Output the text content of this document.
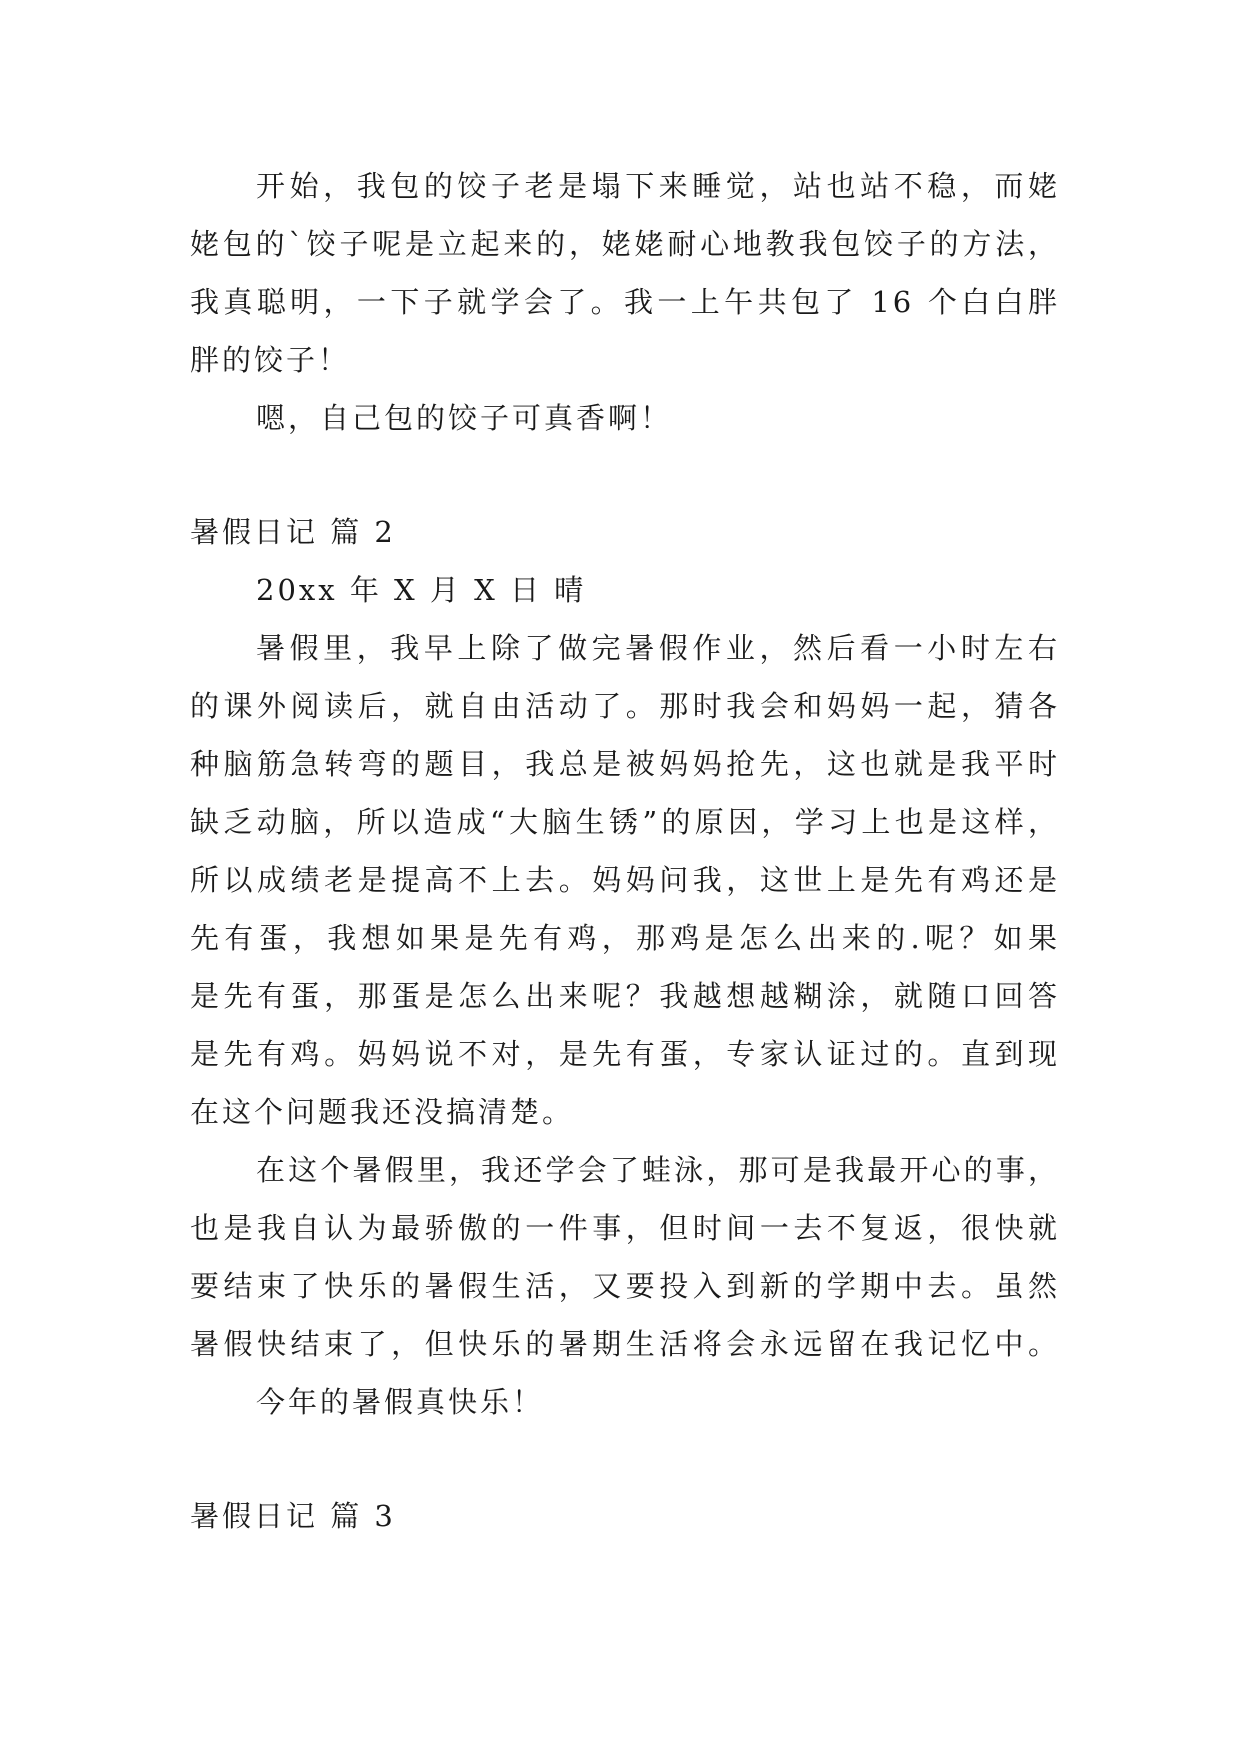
开始，我包的饺子老是塌下来睡觉，站也站不稳，而姥
姥包的`饺子呢是立起来的，姥姥耐心地教我包饺子的方法，
我真聪明，一下子就学会了。我一上午共包了 16 个白白胖
胖的饺子！
嗯，自己包的饺子可真香啊！
暑假日记 篇 2
20xx 年 X 月 X 日 晴
暑假里，我早上除了做完暑假作业，然后看一小时左右
的课外阅读后，就自由活动了。那时我会和妈妈一起，猜各
种脑筋急转弯的题目，我总是被妈妈抢先，这也就是我平时
缺乏动脑，所以造成“大脑生锈”的原因，学习上也是这样，
所以成绩老是提高不上去。妈妈问我，这世上是先有鸡还是
先有蛋，我想如果是先有鸡，那鸡是怎么出来的.呢？如果
是先有蛋，那蛋是怎么出来呢？我越想越糊涂，就随口回答
是先有鸡。妈妈说不对，是先有蛋，专家认证过的。直到现
在这个问题我还没搞清楚。
在这个暑假里，我还学会了蛙泳，那可是我最开心的事，
也是我自认为最骄傲的一件事，但时间一去不复返，很快就
要结束了快乐的暑假生活，又要投入到新的学期中去。虽然
暑假快结束了，但快乐的暑期生活将会永远留在我记忆中。
今年的暑假真快乐！
暑假日记 篇 3
